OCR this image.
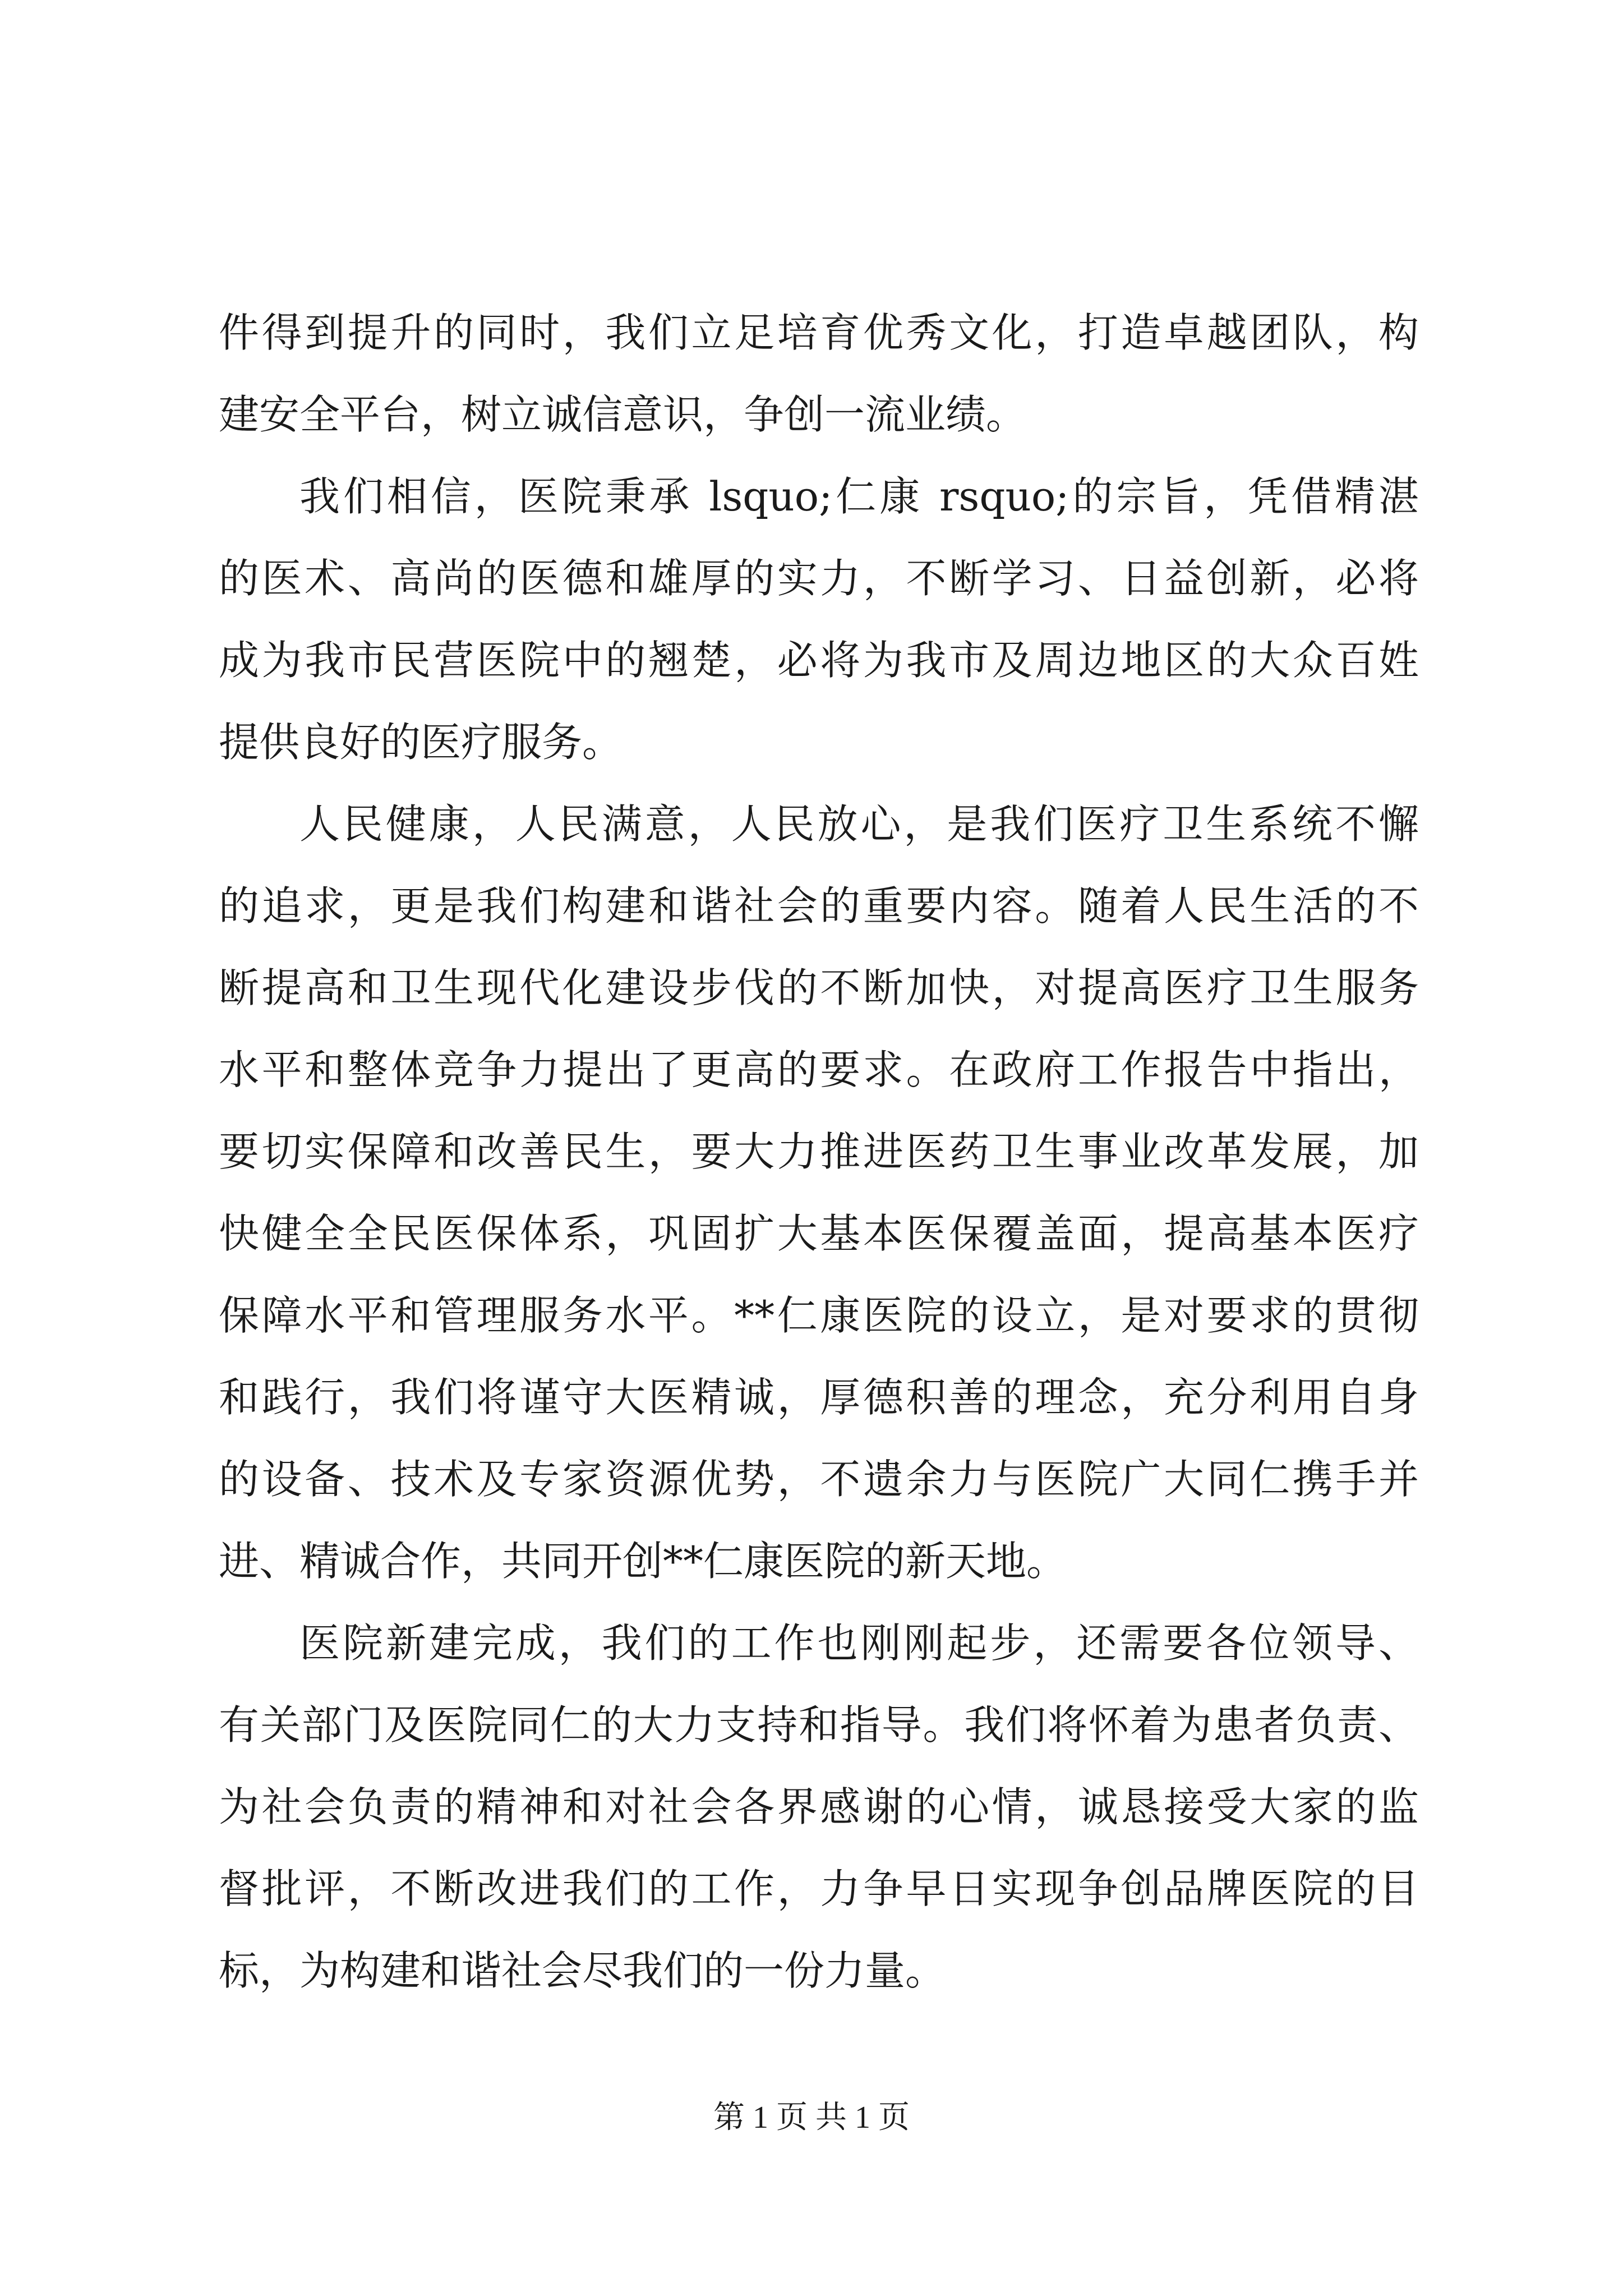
件得到提升的同时，我们立足培育优秀文化，打造卓越团队，构
建安全平台，树立诚信意识，争创一流业绩。
我们相信，医院秉承 lsquo;仁康 rsquo;的宗旨，凭借精湛
的医术、高尚的医德和雄厚的实力，不断学习、日益创新，必将
成为我市民营医院中的翘楚，必将为我市及周边地区的大众百姓
提供良好的医疗服务。
人民健康，人民满意，人民放心，是我们医疗卫生系统不懈
的追求，更是我们构建和谐社会的重要内容。随着人民生活的不
断提高和卫生现代化建设步伐的不断加快，对提高医疗卫生服务
水平和整体竞争力提出了更高的要求。在政府工作报告中指出，
要切实保障和改善民生，要大力推进医药卫生事业改革发展，加
快健全全民医保体系，巩固扩大基本医保覆盖面，提高基本医疗
保障水平和管理服务水平。**仁康医院的设立，是对要求的贯彻
和践行，我们将谨守大医精诚，厚德积善的理念，充分利用自身
的设备、技术及专家资源优势，不遗余力与医院广大同仁携手并
进、精诚合作，共同开创**仁康医院的新天地。
医院新建完成，我们的工作也刚刚起步，还需要各位领导、
有关部门及医院同仁的大力支持和指导。我们将怀着为患者负责、
为社会负责的精神和对社会各界感谢的心情，诚恳接受大家的监
督批评，不断改进我们的工作，力争早日实现争创品牌医院的目
标，为构建和谐社会尽我们的一份力量。
第 1 页 共 1 页
